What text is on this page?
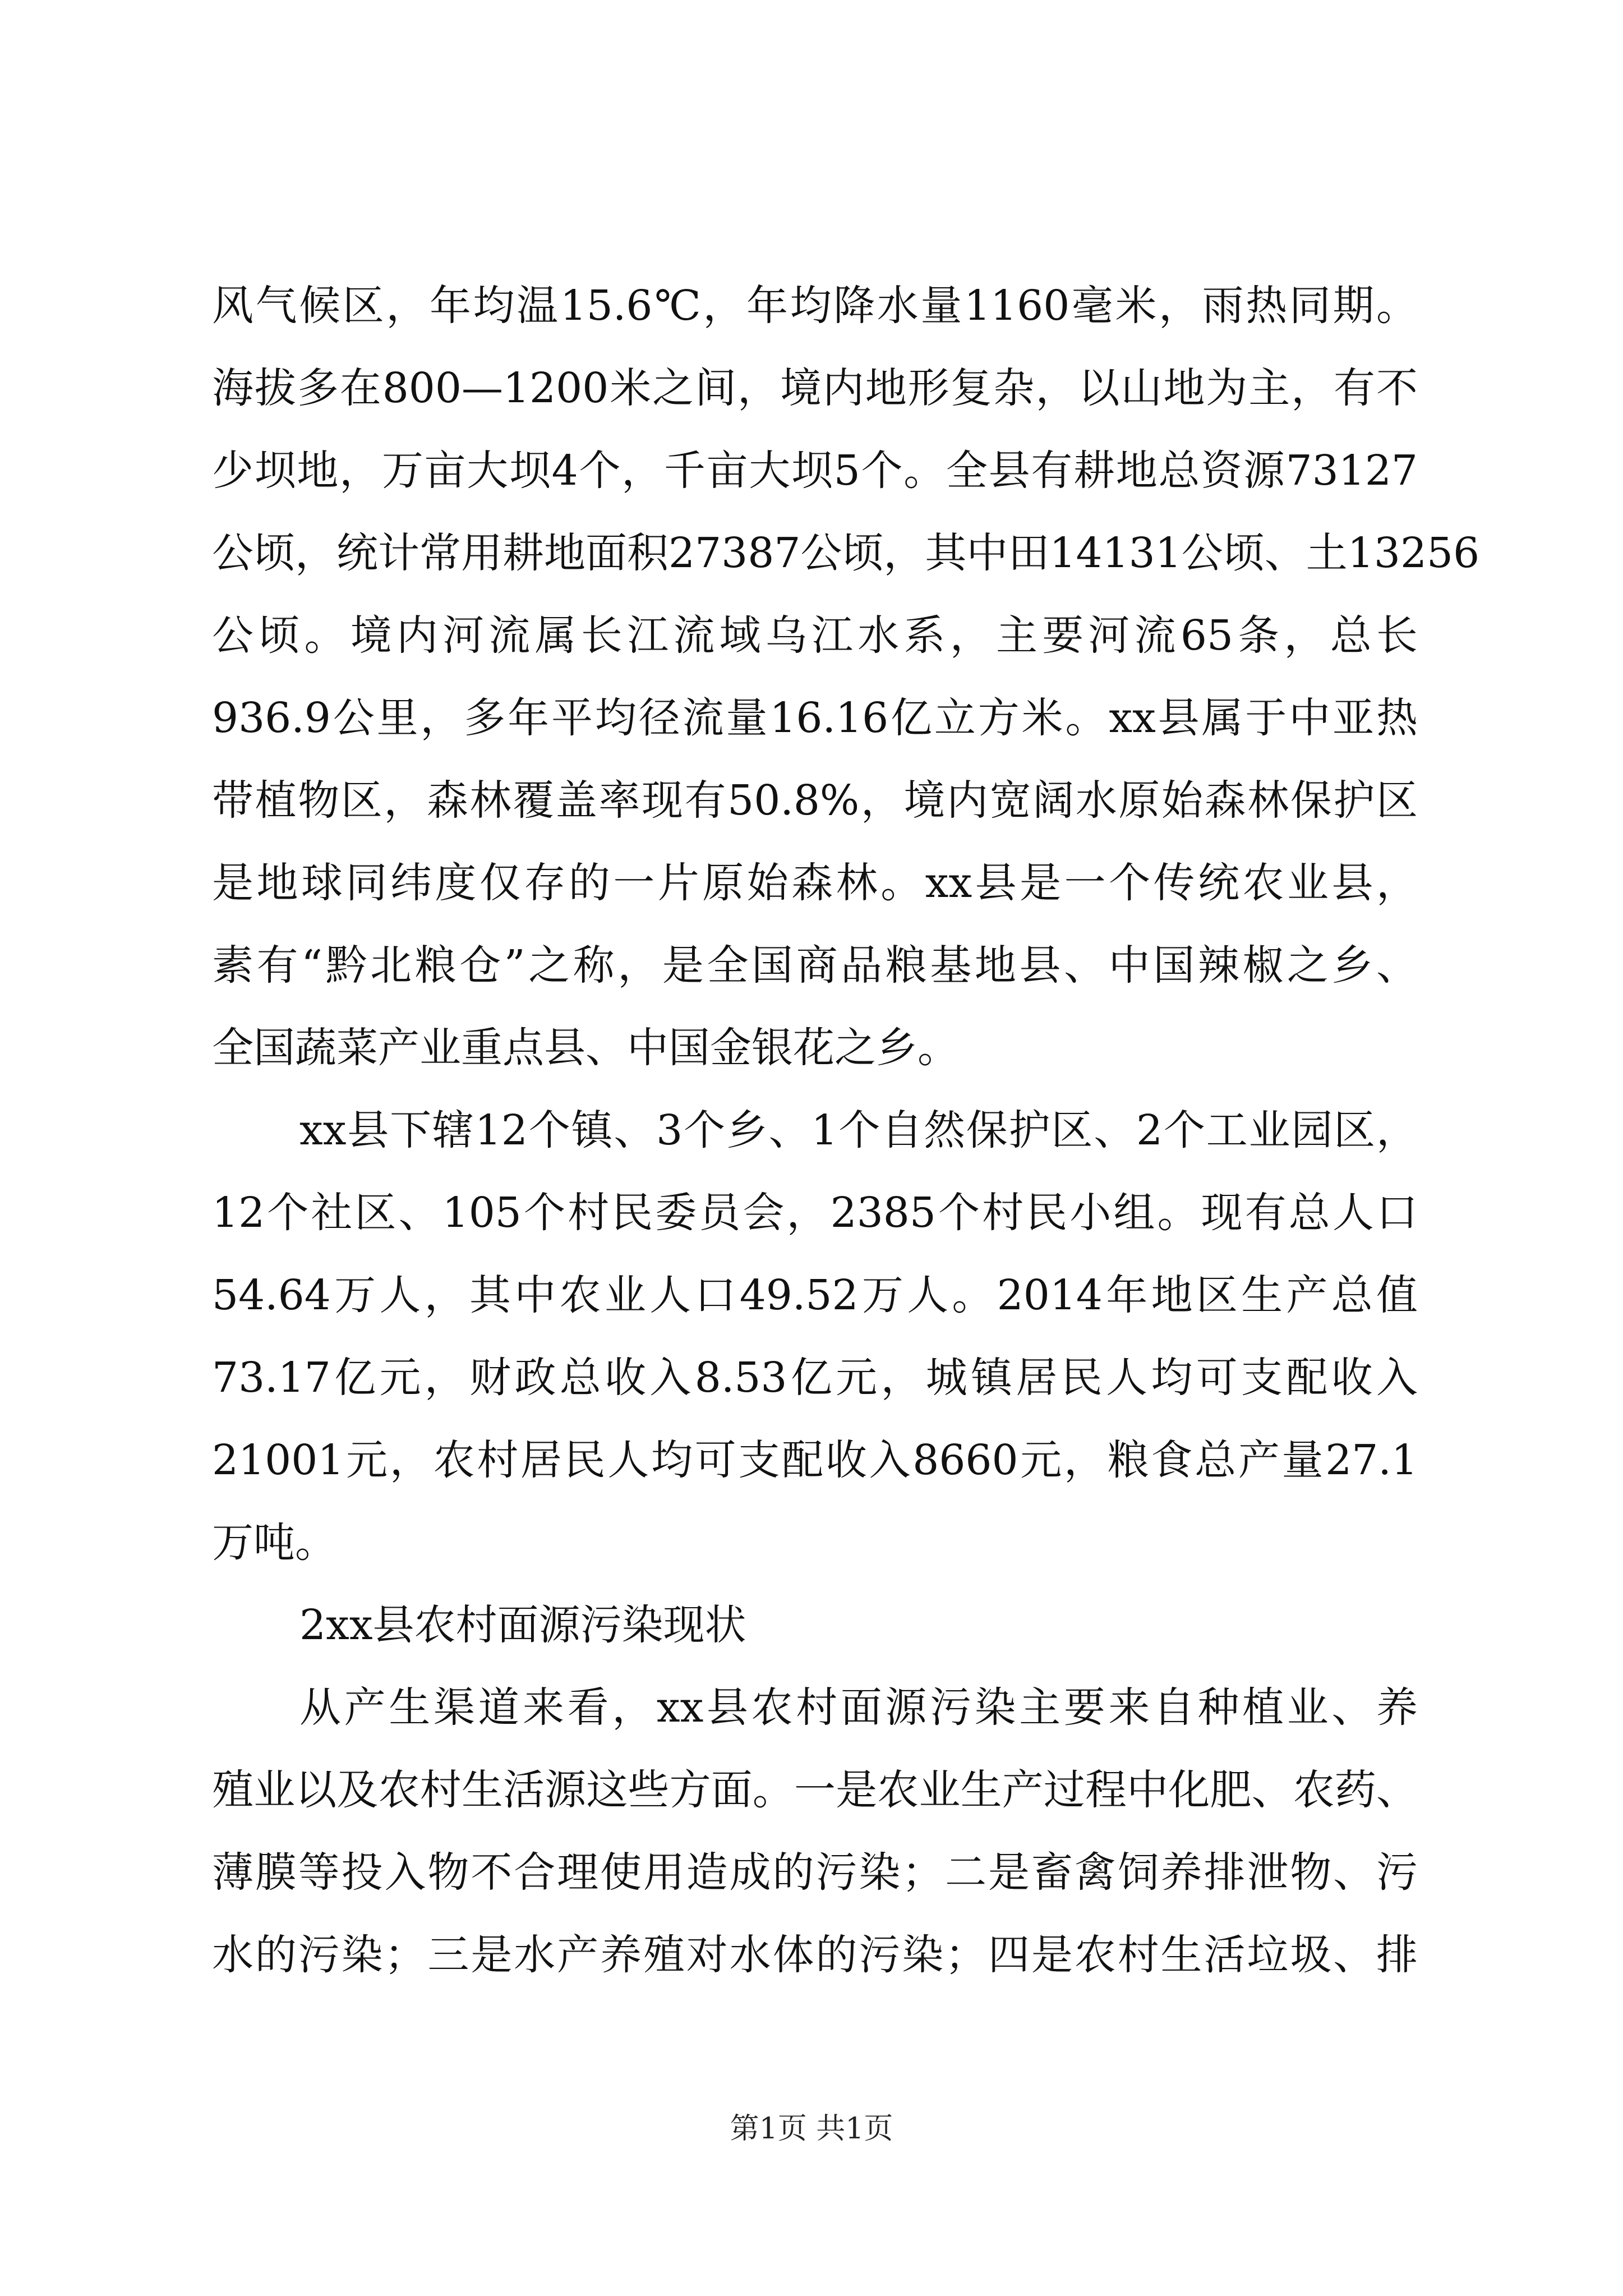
风气候区，年均温15.6℃，年均降水量1160毫米，雨热同期。
海拔多在800—1200米之间，境内地形复杂，以山地为主，有不
少坝地，万亩大坝4个，千亩大坝5个。全县有耕地总资源73127
公顷，统计常用耕地面积27387公顷，其中田14131公顷、土13256
公顷。境内河流属长江流域乌江水系，主要河流65条，总长
936.9公里，多年平均径流量16.16亿立方米。xx县属于中亚热
带植物区，森林覆盖率现有50.8%，境内宽阔水原始森林保护区
是地球同纬度仅存的一片原始森林。xx县是一个传统农业县，
素有“黔北粮仓”之称，是全国商品粮基地县、中国辣椒之乡、
全国蔬菜产业重点县、中国金银花之乡。
xx县下辖12个镇、3个乡、1个自然保护区、2个工业园区，
12个社区、105个村民委员会，2385个村民小组。现有总人口
54.64万人，其中农业人口49.52万人。2014年地区生产总值
73.17亿元，财政总收入8.53亿元，城镇居民人均可支配收入
21001元，农村居民人均可支配收入8660元，粮食总产量27.1
万吨。
2xx县农村面源污染现状
从产生渠道来看，xx县农村面源污染主要来自种植业、养
殖业以及农村生活源这些方面。一是农业生产过程中化肥、农药、
薄膜等投入物不合理使用造成的污染；二是畜禽饲养排泄物、污
水的污染；三是水产养殖对水体的污染；四是农村生活垃圾、排
第1页 共1页
